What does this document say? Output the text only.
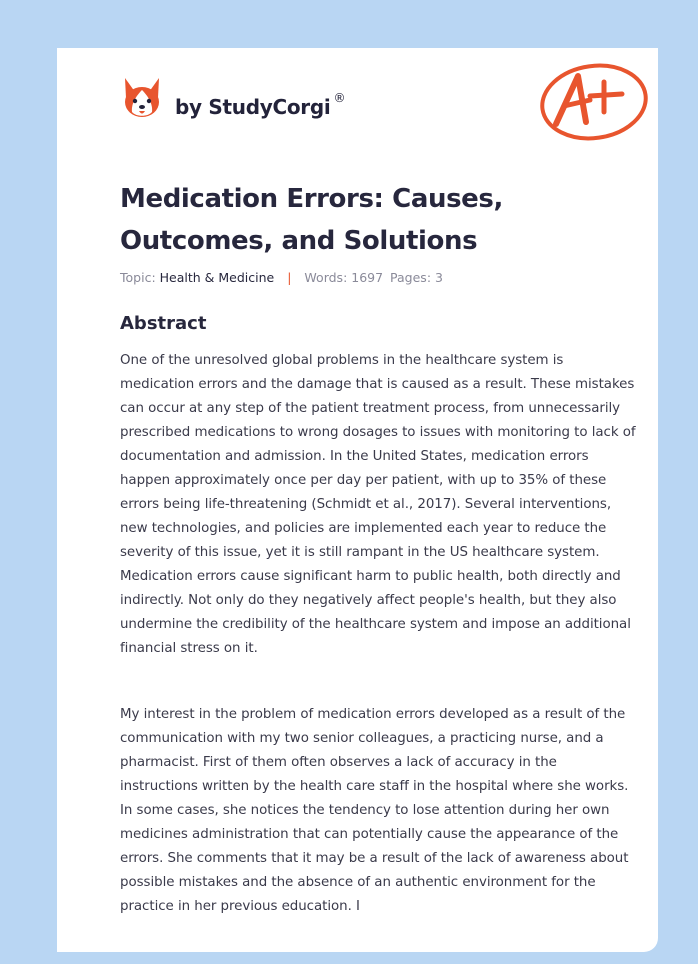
by StudyCorgi ®
Medication Errors: Causes, Outcomes, and Solutions
Topic: Health & Medicine | Words: 1697 Pages: 3
Abstract

One of the unresolved global problems in the healthcare system is medication errors and the damage that is caused as a result. These mistakes can occur at any step of the patient treatment process, from unnecessarily prescribed medications to wrong dosages to issues with monitoring to lack of documentation and admission. In the United States, medication errors happen approximately once per day per patient, with up to 35% of these errors being life-threatening (Schmidt et al., 2017). Several interventions, new technologies, and policies are implemented each year to reduce the severity of this issue, yet it is still rampant in the US healthcare system. Medication errors cause significant harm to public health, both directly and indirectly. Not only do they negatively affect people's health, but they also undermine the credibility of the healthcare system and impose an additional financial stress on it.

My interest in the problem of medication errors developed as a result of the communication with my two senior colleagues, a practicing nurse, and a pharmacist. First of them often observes a lack of accuracy in the instructions written by the health care staff in the hospital where she works. In some cases, she notices the tendency to lose attention during her own medicines administration that can potentially cause the appearance of the errors. She comments that it may be a result of the lack of awareness about possible mistakes and the absence of an authentic environment for the practice in her previous education. I
